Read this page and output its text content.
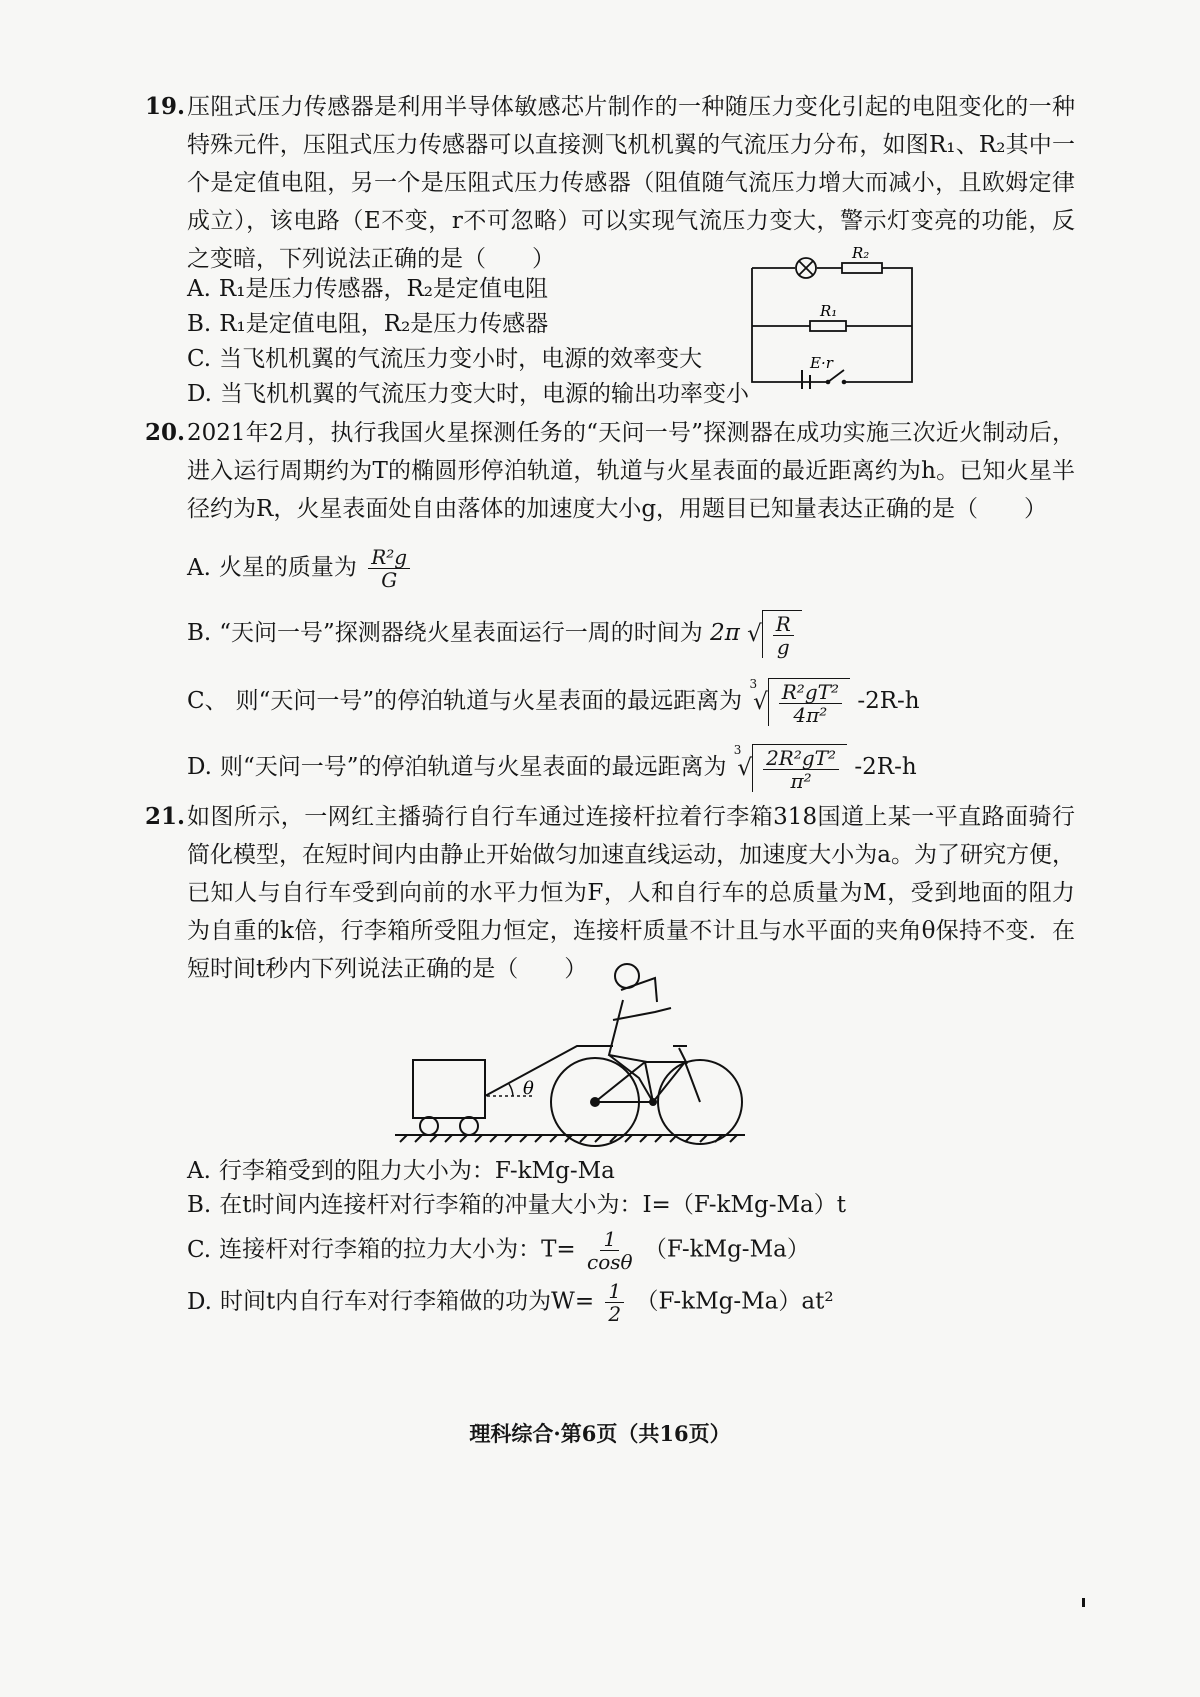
19. 压阻式压力传感器是利用半导体敏感芯片制作的一种随压力变化引起的电阻变化的一种特殊元件，压阻式压力传感器可以直接测飞机机翼的气流压力分布，如图R₁、R₂其中一个是定值电阻，另一个是压阻式压力传感器（阻值随气流压力增大而减小，且欧姆定律成立），该电路（E不变，r不可忽略）可以实现气流压力变大，警示灯变亮的功能，反之变暗，下列说法正确的是（　　）
A. R₁是压力传感器，R₂是定值电阻
B. R₁是定值电阻，R₂是压力传感器
C. 当飞机机翼的气流压力变小时，电源的效率变大
D. 当飞机机翼的气流压力变大时，电源的输出功率变小
R₂
R₁
E·r
20. 2021年2月，执行我国火星探测任务的“天问一号”探测器在成功实施三次近火制动后，进入运行周期约为T的椭圆形停泊轨道，轨道与火星表面的最近距离约为h。已知火星半径约为R，火星表面处自由落体的加速度大小g，用题目已知量表达正确的是（　　）
A. 火星的质量为 $\frac{\text{R²g}}{G}$
B. “天问一号”探测器绕火星表面运行一周的时间为 2π √ $\frac{R}{g}$
C、 则“天问一号”的停泊轨道与火星表面的最远距离为
3
√ $\frac{\text{R²gT²}}{\text{4π²}} -2R-h$
D. 则“天问一号”的停泊轨道与火星表面的最远距离为
3
√ $\frac{\text{2R²gT²}}{\text{π²}} -2R-h$
21. 如图所示，一网红主播骑行自行车通过连接杆拉着行李箱318国道上某一平直路面骑行简化模型，在短时间内由静止开始做匀加速直线运动，加速度大小为a。为了研究方便，已知人与自行车受到向前的水平力恒为F，人和自行车的总质量为M，受到地面的阻力为自重的k倍，行李箱所受阻力恒定，连接杆质量不计且与水平面的夹角θ保持不变．在短时间t秒内下列说法正确的是（　　）
θ
A. 行李箱受到的阻力大小为：F-kMg-Ma
B. 在t时间内连接杆对行李箱的冲量大小为：I=（F-kMg-Ma）t
C. 连接杆对行李箱的拉力大小为：$T= \frac{1}{\cos\theta} (F-kMg-Ma)$
D. 时间t内自行车对行李箱做的功为$W= \frac{1}{2} (F-kMg-Ma)at^2$
理科综合·第6页（共16页）
